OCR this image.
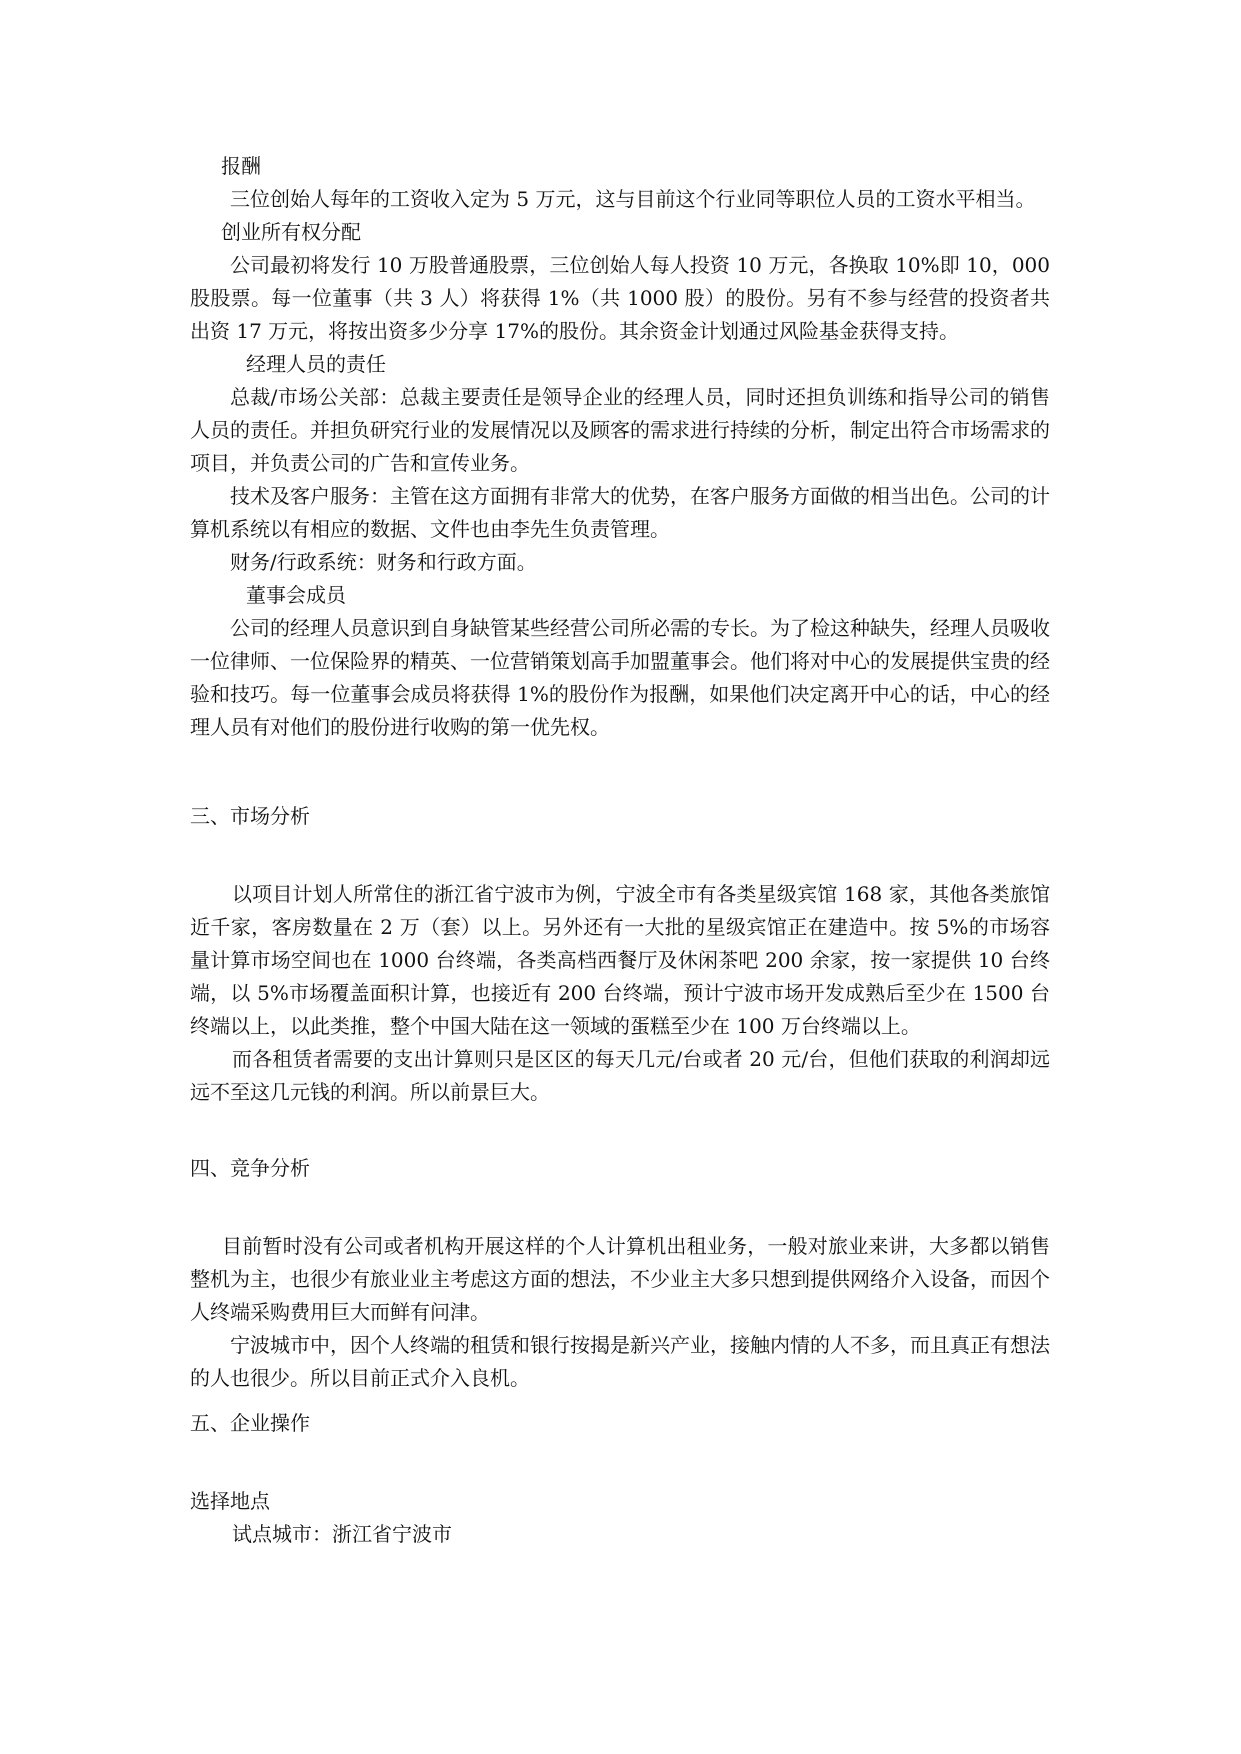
报酬

三位创始人每年的工资收入定为 5 万元，这与目前这个行业同等职位人员的工资水平相当。

创业所有权分配

公司最初将发行 10 万股普通股票，三位创始人每人投资 10 万元，各换取 10%即 10，000 股股票。每一位董事（共 3 人）将获得 1%（共 1000 股）的股份。另有不参与经营的投资者共出资 17 万元，将按出资多少分享 17%的股份。其余资金计划通过风险基金获得支持。

经理人员的责任

总裁/市场公关部：总裁主要责任是领导企业的经理人员，同时还担负训练和指导公司的销售人员的责任。并担负研究行业的发展情况以及顾客的需求进行持续的分析，制定出符合市场需求的项目，并负责公司的广告和宣传业务。

技术及客户服务：主管在这方面拥有非常大的优势，在客户服务方面做的相当出色。公司的计算机系统以有相应的数据、文件也由李先生负责管理。

财务/行政系统：财务和行政方面。

董事会成员

公司的经理人员意识到自身缺管某些经营公司所必需的专长。为了检这种缺失，经理人员吸收一位律师、一位保险界的精英、一位营销策划高手加盟董事会。他们将对中心的发展提供宝贵的经验和技巧。每一位董事会成员将获得 1%的股份作为报酬，如果他们决定离开中心的话，中心的经理人员有对他们的股份进行收购的第一优先权。

三、市场分析

以项目计划人所常住的浙江省宁波市为例，宁波全市有各类星级宾馆 168 家，其他各类旅馆近千家，客房数量在 2 万（套）以上。另外还有一大批的星级宾馆正在建造中。按 5%的市场容量计算市场空间也在 1000 台终端，各类高档西餐厅及休闲茶吧 200 余家，按一家提供 10 台终端，以 5%市场覆盖面积计算，也接近有 200 台终端，预计宁波市场开发成熟后至少在 1500 台终端以上，以此类推，整个中国大陆在这一领域的蛋糕至少在 100 万台终端以上。

而各租赁者需要的支出计算则只是区区的每天几元/台或者 20 元/台，但他们获取的利润却远远不至这几元钱的利润。所以前景巨大。

四、竞争分析

目前暂时没有公司或者机构开展这样的个人计算机出租业务，一般对旅业来讲，大多都以销售整机为主，也很少有旅业业主考虑这方面的想法，不少业主大多只想到提供网络介入设备，而因个人终端采购费用巨大而鲜有问津。

宁波城市中，因个人终端的租赁和银行按揭是新兴产业，接触内情的人不多，而且真正有想法的人也很少。所以目前正式介入良机。

五、企业操作

选择地点

试点城市：浙江省宁波市
